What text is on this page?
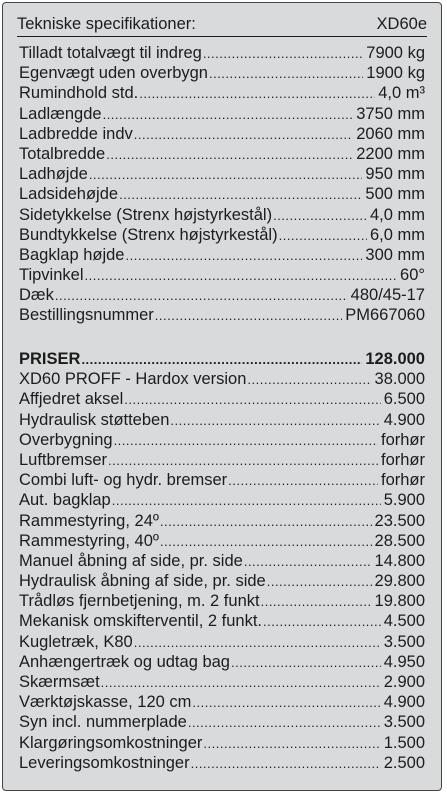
Tekniske specifikationer:	XD60e
Tilladt totalvægt til indreg .....	7900 kg
Egenvægt uden overbygn .....	1900 kg
Rumindhold std. .....	4,0 m³
Ladlængde .....	3750 mm
Ladbredde indv .....	2060 mm
Totalbredde .....	2200 mm
Ladhøjde .....	950 mm
Ladsidehøjde .....	500 mm
Sidetykkelse (Strenx højstyrkestål) .....	4,0 mm
Bundtykkelse (Strenx højstyrkestål) .....	6,0 mm
Bagklap højde .....	300 mm
Tipvinkel .....	60°
Dæk .....	480/45-17
Bestillingsnummer .....	PM667060
PRISER .....	128.000
XD60 PROFF - Hardox version .....	38.000
Affjedret aksel .....	6.500
Hydraulisk støtteben .....	4.900
Overbygning .....	forhør
Luftbremser .....	forhør
Combi luft- og hydr. bremser .....	forhør
Aut. bagklap .....	5.900
Rammestyring, 24º .....	23.500
Rammestyring, 40º .....	28.500
Manuel åbning af side, pr. side .....	14.800
Hydraulisk åbning af side, pr. side .....	29.800
Trådløs fjernbetjening, m. 2 funkt .....	19.800
Mekanisk omskifterventil, 2 funkt. .....	4.500
Kugletræk, K80 .....	3.500
Anhængertræk og udtag bag .....	4.950
Skærmsæt .....	2.900
Værktøjskasse, 120 cm .....	4.900
Syn incl. nummerplade .....	3.500
Klargøringsomkostninger .....	1.500
Leveringsomkostninger .....	2.500
